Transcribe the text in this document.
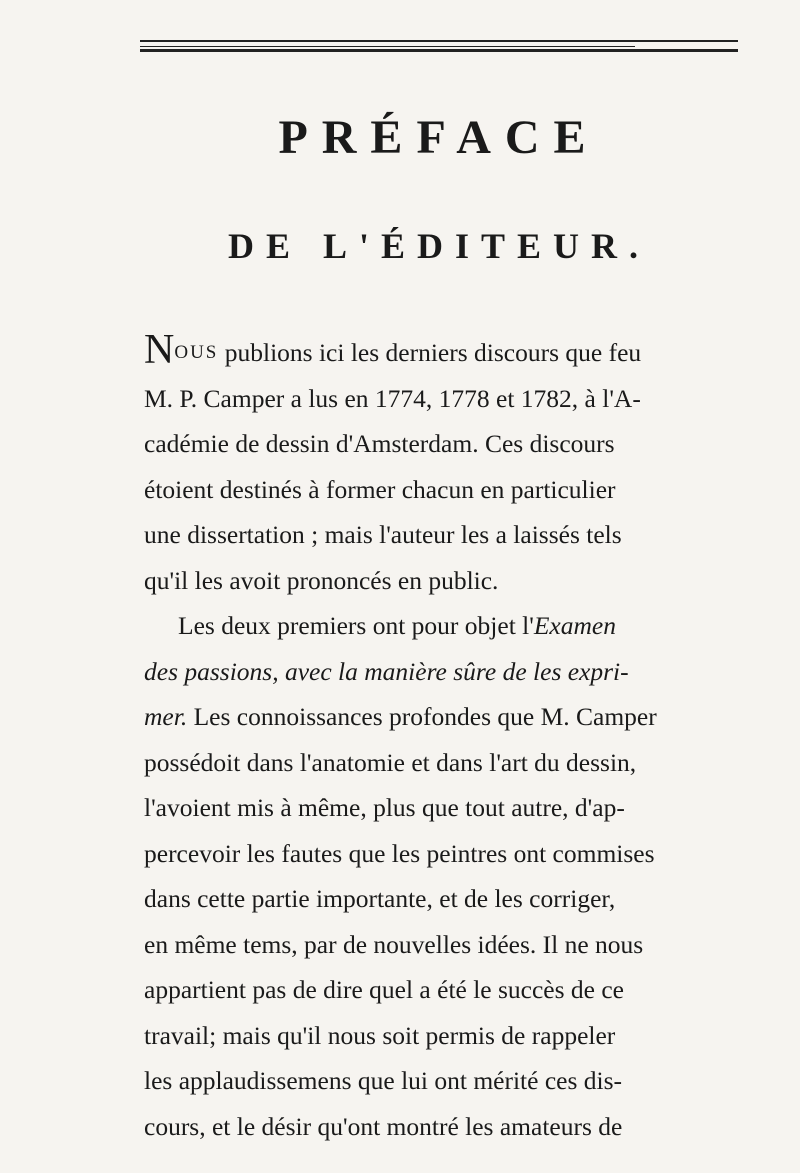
PRÉFACE
DE L'ÉDITEUR.
N OUS publions ici les derniers discours que feu
M. P. Camper a lus en 1774, 1778 et 1782, à l'A-
cadémie de dessin d'Amsterdam. Ces discours
étoient destinés à former chacun en particulier
une dissertation ; mais l'auteur les a laissés tels
qu'il les avoit prononcés en public.
Les deux premiers ont pour objet l' Examen
des passions, avec la manière sûre de les expri-
mer. Les connoissances profondes que M. Camper
possédoit dans l'anatomie et dans l'art du dessin,
l'avoient mis à même, plus que tout autre, d'ap-
percevoir les fautes que les peintres ont commises
dans cette partie importante, et de les corriger,
en même tems, par de nouvelles idées. Il ne nous
appartient pas de dire quel a été le succès de ce
travail; mais qu'il nous soit permis de rappeler
les applaudissemens que lui ont mérité ces dis-
cours, et le désir qu'ont montré les amateurs de
